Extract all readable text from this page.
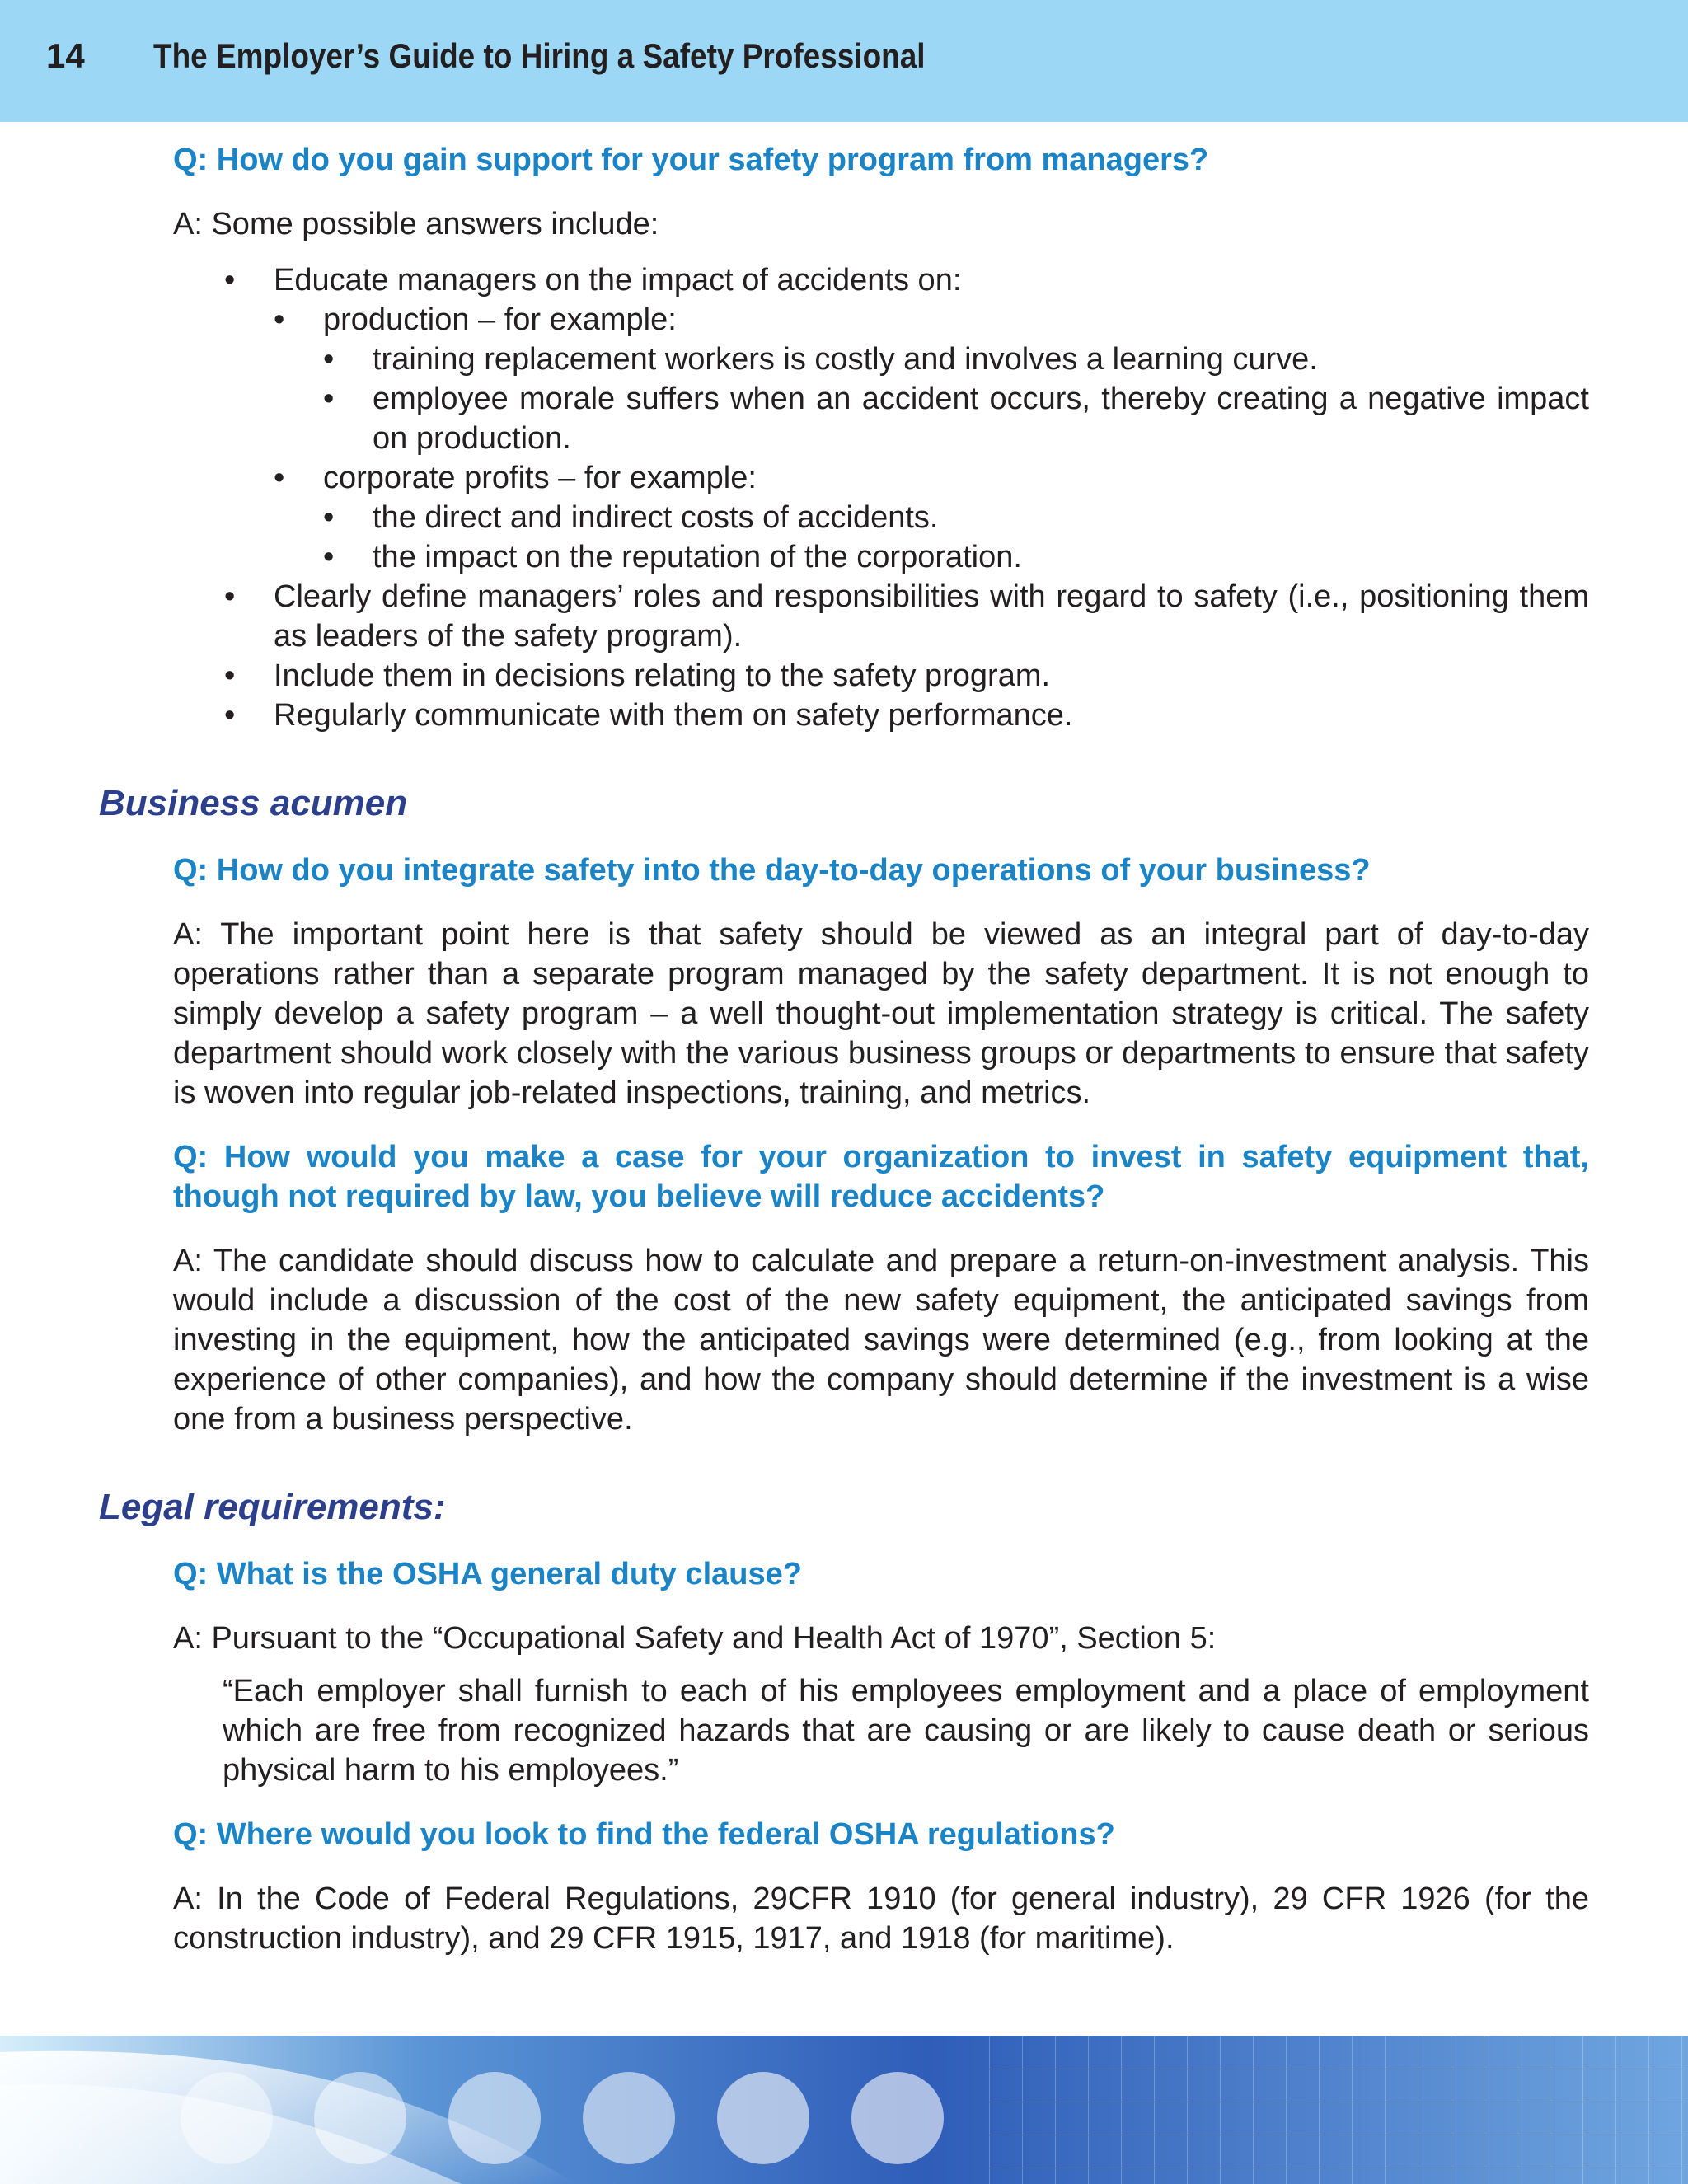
14 The Employer’s Guide to Hiring a Safety Professional

Q: How do you gain support for your safety program from managers?

A: Some possible answers include:

• Educate managers on the impact of accidents on:
• production – for example:
• training replacement workers is costly and involves a learning curve.
• employee morale suffers when an accident occurs, thereby creating a negative impact on production.
• corporate profits – for example:
• the direct and indirect costs of accidents.
• the impact on the reputation of the corporation.
• Clearly define managers’ roles and responsibilities with regard to safety (i.e., positioning them as leaders of the safety program).
• Include them in decisions relating to the safety program.
• Regularly communicate with them on safety performance.
Business acumen

Q: How do you integrate safety into the day-to-day operations of your business?

A: The important point here is that safety should be viewed as an integral part of day-to-day operations rather than a separate program managed by the safety department. It is not enough to simply develop a safety program – a well thought-out implementation strategy is critical. The safety department should work closely with the various business groups or departments to ensure that safety is woven into regular job-related inspections, training, and metrics.

Q: How would you make a case for your organization to invest in safety equipment that, though not required by law, you believe will reduce accidents?

A: The candidate should discuss how to calculate and prepare a return-on-investment analysis. This would include a discussion of the cost of the new safety equipment, the anticipated savings from investing in the equipment, how the anticipated savings were determined (e.g., from looking at the experience of other companies), and how the company should determine if the investment is a wise one from a business perspective.

Legal requirements:

Q: What is the OSHA general duty clause?

A: Pursuant to the “Occupational Safety and Health Act of 1970”, Section 5:

“Each employer shall furnish to each of his employees employment and a place of employment which are free from recognized hazards that are causing or are likely to cause death or serious physical harm to his employees.”

Q: Where would you look to find the federal OSHA regulations?

A: In the Code of Federal Regulations, 29CFR 1910 (for general industry), 29 CFR 1926 (for the construction industry), and 29 CFR 1915, 1917, and 1918 (for maritime).
